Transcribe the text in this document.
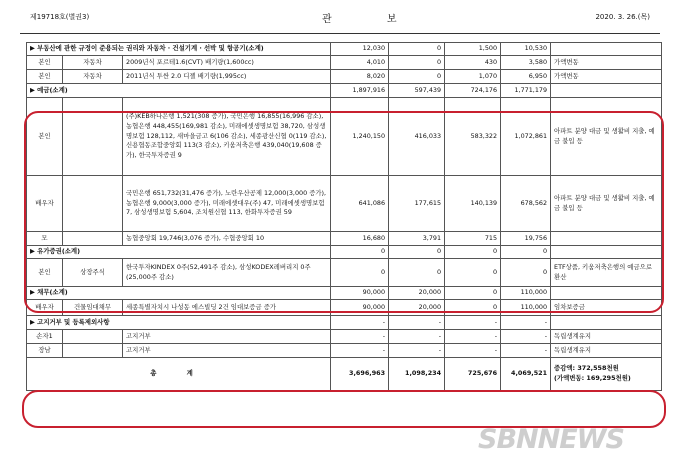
제19718호(별권3)	관 보	2020. 3. 26.(목)
▶ 부동산에 관한 규정이 준용되는 권리와 자동차 · 건설기계 · 선박 및 항공기(소계)			12,030	0	1,500	10,530	
본인	자동차	2009년식 포르테1.6(CVT) 배기량(1,600cc)	4,010	0	430	3,580	가액변동
본인	자동차	2011년식 투싼 2.0 디젤 배기량(1,995cc)	8,020	0	1,070	6,950	가액변동
▶ 예금(소계)			1,897,916	597,439	724,176	1,771,179	
본인		(주)KEB하나은행 1,521(308 증가), 국민은행 16,855(16,996 감소), 농협은행 448,455(169,981 감소), 미래에셋생명보험 38,720, 삼성생명보험 128,112, 새마을금고 6(106 감소), 세종광산신협 0(119 감소), 신용협동조합중앙회 113(3 감소), 키움저축은행 439,040(19,608 증가), 한국투자증권 9	1,240,150	416,033	583,322	1,072,861	아파트 분양 대금 및 생활비 지출, 예금 불입 등
배우자		국민은행 651,732(31,476 증가), 노란우산공제 12,000(3,000 증가), 농협은행 9,000(3,000 증가), 미래에셋대우(주) 47, 미래에셋생명보험 7, 삼성생명보험 5,604, 조치원신협 113, 한화투자증권 59	641,086	177,615	140,139	678,562	아파트 분양 대금 및 생활비 지출, 예금 불입 등
모		농협중앙회 19,746(3,076 증가), 수협중앙회 10	16,680	3,791	715	19,756	
▶ 유가증권(소계)			0	0	0	0	
본인	상장주식	한국투자KINDEX 0주(52,491주 감소), 삼성KODEX레버리지 0주(25,000주 감소)	0	0	0	0	ETF상품, 키움저축은행의 예금으로 환산
▶ 채무(소계)			90,000	20,000	0	110,000	
배우자	건물임대채무	세종특별자치시 나성동 에스빌딩 2건 임대보증금 증가	90,000	20,000	0	110,000	임차보증금
▶ 고지거부 및 등록제외사항			-	-	-	-	
손자1		고지거부	-	-	-	-	독립생계유지
장남		고지거부	-	-	-	-	독립생계유지
총 계			3,696,963	1,098,234	725,676	4,069,521	증감액: 372,558천원
(가액변동: 169,295천원)
SBNNEWS
